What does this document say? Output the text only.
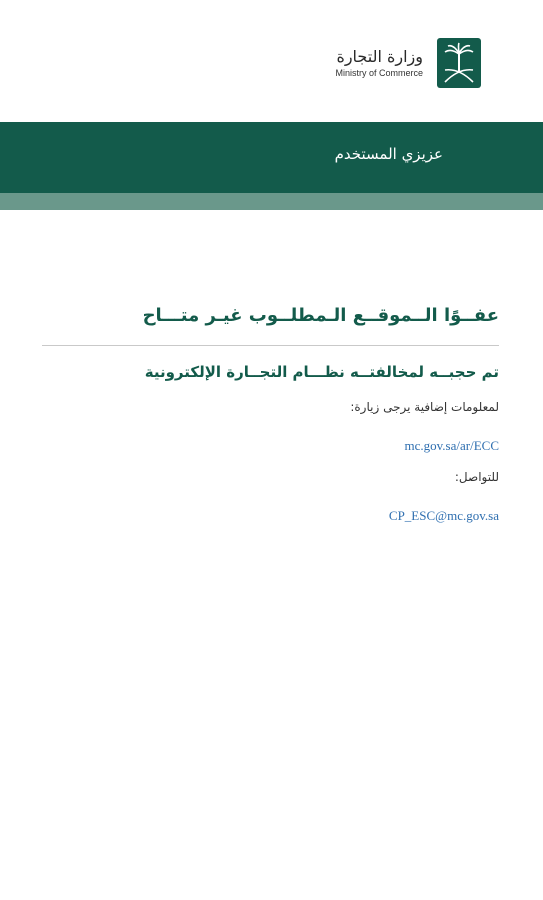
وزارة التجارة
Ministry of Commerce
عزيزي المستخدم
عفــوًا الــموقــع الـمطلــوب غيـر متـــاح
تم حجبــه لمخالفتــه نظـــام التجــارة الإلكترونية
لمعلومات إضافية يرجى زيارة:
mc.gov.sa/ar/ECC
للتواصل:
CP_ESC@mc.gov.sa
